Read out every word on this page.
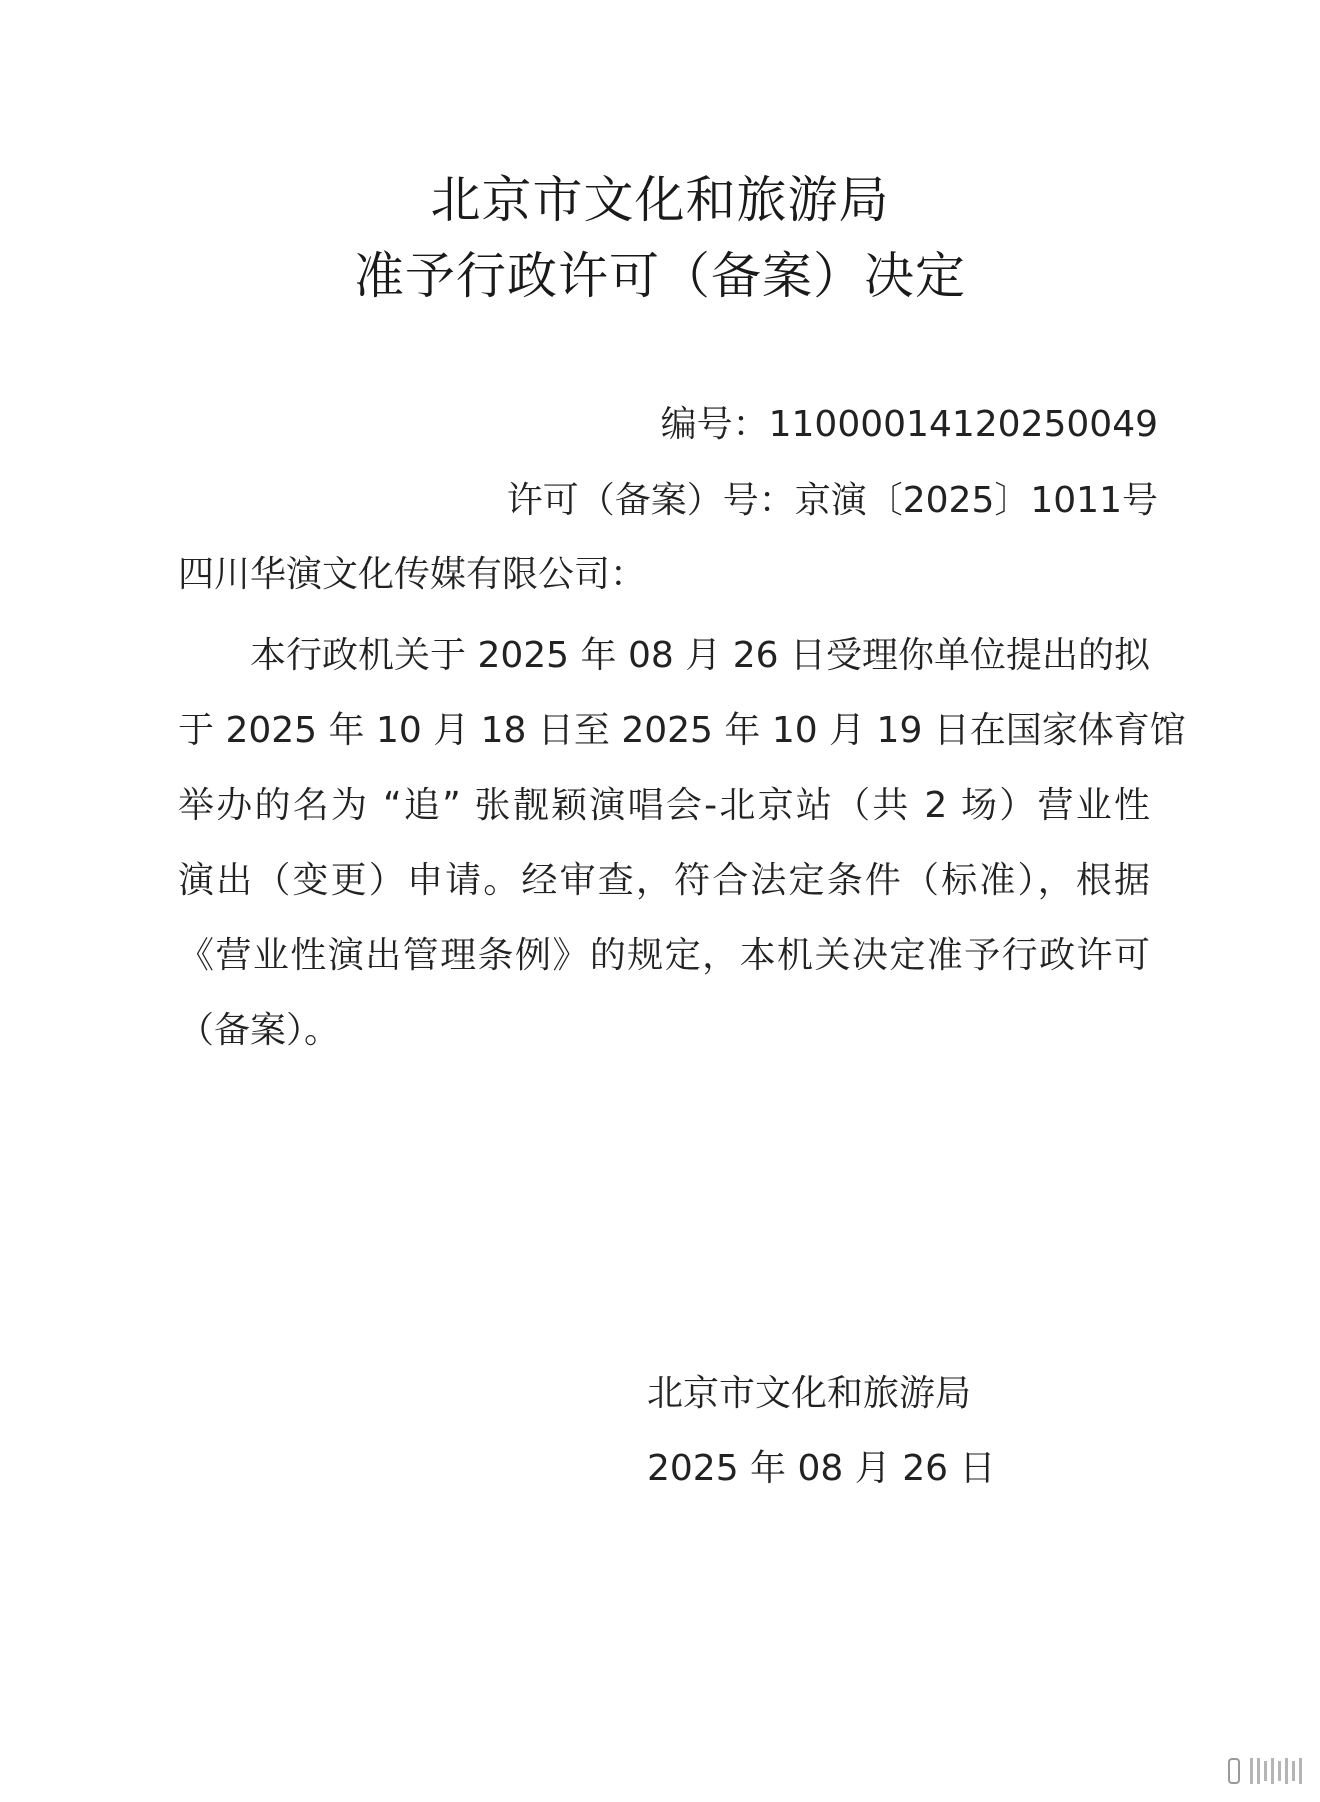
北京市文化和旅游局
准予行政许可（备案）决定
编号：11000014120250049
许可（备案）号：京演〔2025〕1011号
四川华演文化传媒有限公司：
本行政机关于 2025 年 08 月 26 日受理你单位提出的拟
于 2025 年 10 月 18 日至 2025 年 10 月 19 日在国家体育馆
举办的名为 “追” 张靓颖演唱会-北京站（共 2 场）营业性
演出（变更）申请。经审查，符合法定条件（标准），根据
《营业性演出管理条例》的规定，本机关决定准予行政许可
（备案）。
北京市文化和旅游局
2025 年 08 月 26 日
